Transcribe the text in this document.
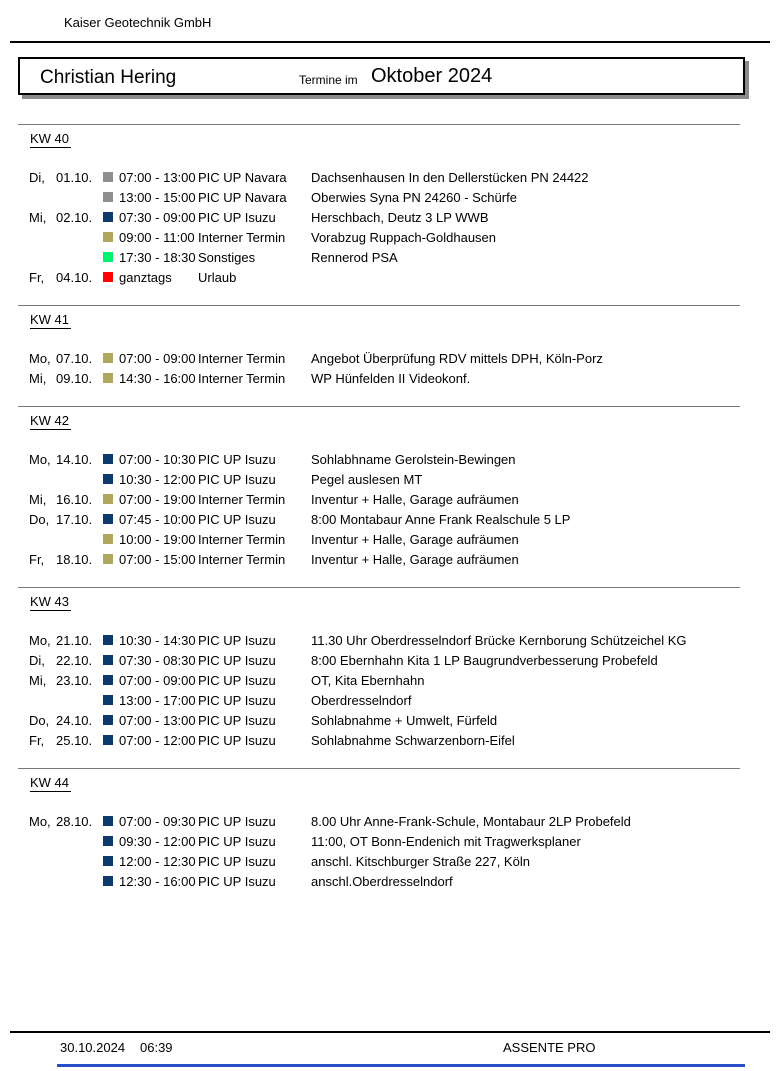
Kaiser Geotechnik GmbH
Christian Hering	Termine im Oktober 2024
KW 40
Di, 01.10.	07:00 - 13:00 PIC UP Navara	Dachsenhausen In den Dellerstücken PN 24422
13:00 - 15:00 PIC UP Navara	Oberwies Syna PN 24260 - Schürfe
Mi, 02.10.	07:30 - 09:00 PIC UP Isuzu	Herschbach, Deutz 3 LP WWB
09:00 - 11:00 Interner Termin	Vorabzug Ruppach-Goldhausen
17:30 - 18:30 Sonstiges	Rennerod PSA
Fr, 04.10.	ganztags	Urlaub
KW 41
Mo, 07.10.	07:00 - 09:00 Interner Termin	Angebot Überprüfung RDV mittels DPH, Köln-Porz
Mi, 09.10.	14:30 - 16:00 Interner Termin	WP Hünfelden II Videokonf.
KW 42
Mo, 14.10.	07:00 - 10:30 PIC UP Isuzu	Sohlabhname Gerolstein-Bewingen
10:30 - 12:00 PIC UP Isuzu	Pegel auslesen MT
Mi, 16.10.	07:00 - 19:00 Interner Termin	Inventur + Halle, Garage aufräumen
Do, 17.10.	07:45 - 10:00 PIC UP Isuzu	8:00 Montabaur Anne Frank Realschule 5 LP
10:00 - 19:00 Interner Termin	Inventur + Halle, Garage aufräumen
Fr, 18.10.	07:00 - 15:00 Interner Termin	Inventur + Halle, Garage aufräumen
KW 43
Mo, 21.10.	10:30 - 14:30 PIC UP Isuzu	11.30 Uhr Oberdresselndorf Brücke Kernborung Schützeichel KG
Di, 22.10.	07:30 - 08:30 PIC UP Isuzu	8:00 Ebernhahn Kita 1 LP Baugrundverbesserung Probefeld
Mi, 23.10.	07:00 - 09:00 PIC UP Isuzu	OT, Kita Ebernhahn
13:00 - 17:00 PIC UP Isuzu	Oberdresselndorf
Do, 24.10.	07:00 - 13:00 PIC UP Isuzu	Sohlabnahme + Umwelt, Fürfeld
Fr, 25.10.	07:00 - 12:00 PIC UP Isuzu	Sohlabnahme Schwarzenborn-Eifel
KW 44
Mo, 28.10.	07:00 - 09:30 PIC UP Isuzu	8.00 Uhr Anne-Frank-Schule, Montabaur 2LP Probefeld
09:30 - 12:00 PIC UP Isuzu	11:00, OT Bonn-Endenich mit Tragwerksplaner
12:00 - 12:30 PIC UP Isuzu	anschl. Kitschburger Straße 227, Köln
12:30 - 16:00 PIC UP Isuzu	anschl.Oberdresselndorf
30.10.2024 06:39	ASSENTE PRO
